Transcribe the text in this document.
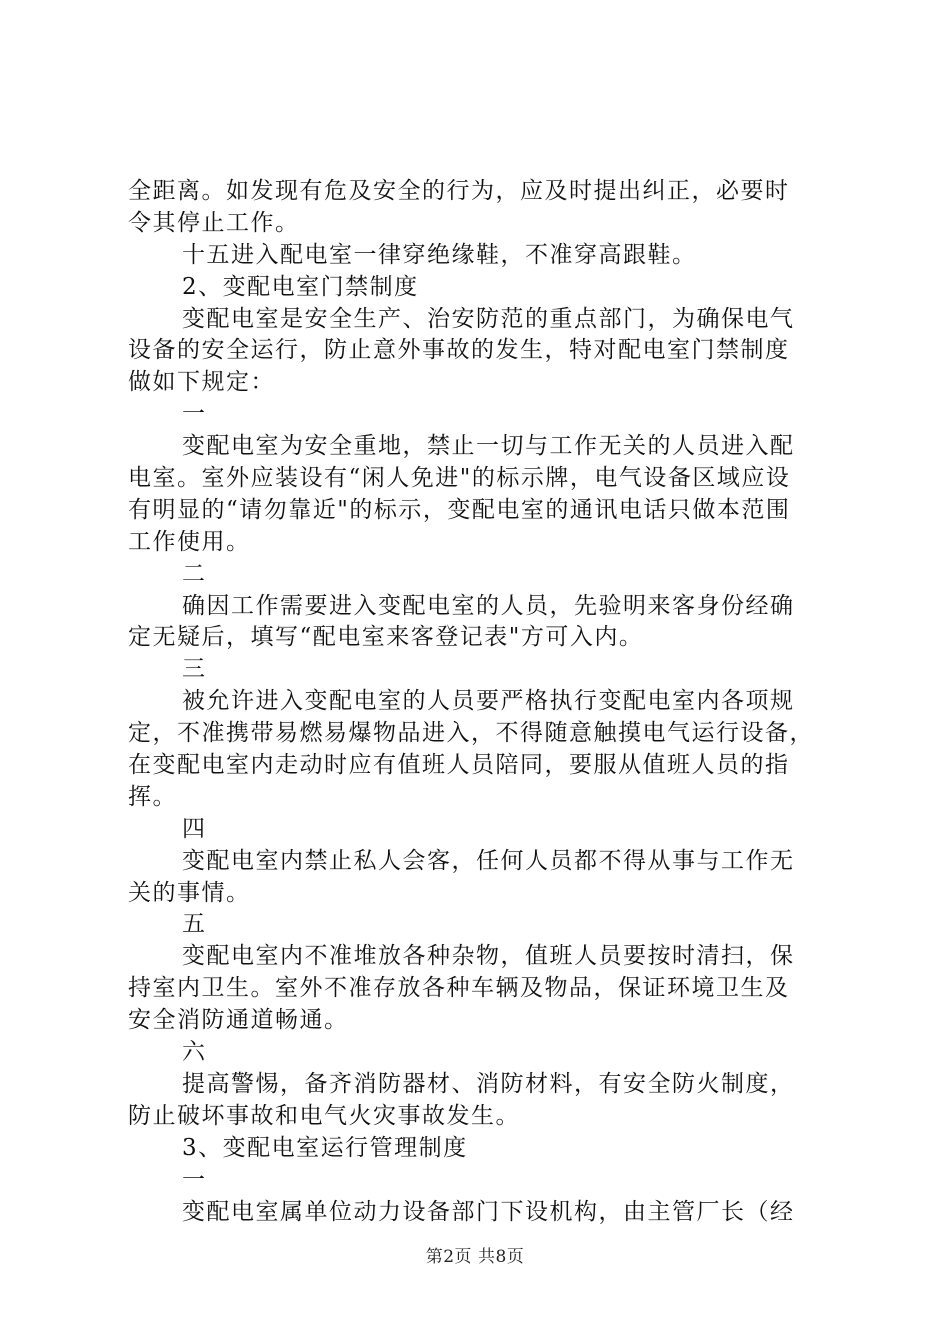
全距离。如发现有危及安全的行为，应及时提出纠正，必要时
令其停止工作。
十五进入配电室一律穿绝缘鞋，不准穿高跟鞋。
2、变配电室门禁制度
变配电室是安全生产、治安防范的重点部门，为确保电气
设备的安全运行，防止意外事故的发生，特对配电室门禁制度
做如下规定：
一
变配电室为安全重地，禁止一切与工作无关的人员进入配
电室。室外应装设有“闲人免进"的标示牌，电气设备区域应设
有明显的“请勿靠近"的标示，变配电室的通讯电话只做本范围
工作使用。
二
确因工作需要进入变配电室的人员，先验明来客身份经确
定无疑后，填写“配电室来客登记表"方可入内。
三
被允许进入变配电室的人员要严格执行变配电室内各项规
定，不准携带易燃易爆物品进入，不得随意触摸电气运行设备，
在变配电室内走动时应有值班人员陪同，要服从值班人员的指
挥。
四
变配电室内禁止私人会客，任何人员都不得从事与工作无
关的事情。
五
变配电室内不准堆放各种杂物，值班人员要按时清扫，保
持室内卫生。室外不准存放各种车辆及物品，保证环境卫生及
安全消防通道畅通。
六
提高警惕，备齐消防器材、消防材料，有安全防火制度，
防止破坏事故和电气火灾事故发生。
3、变配电室运行管理制度
一
变配电室属单位动力设备部门下设机构，由主管厂长（经
第2页 共8页
